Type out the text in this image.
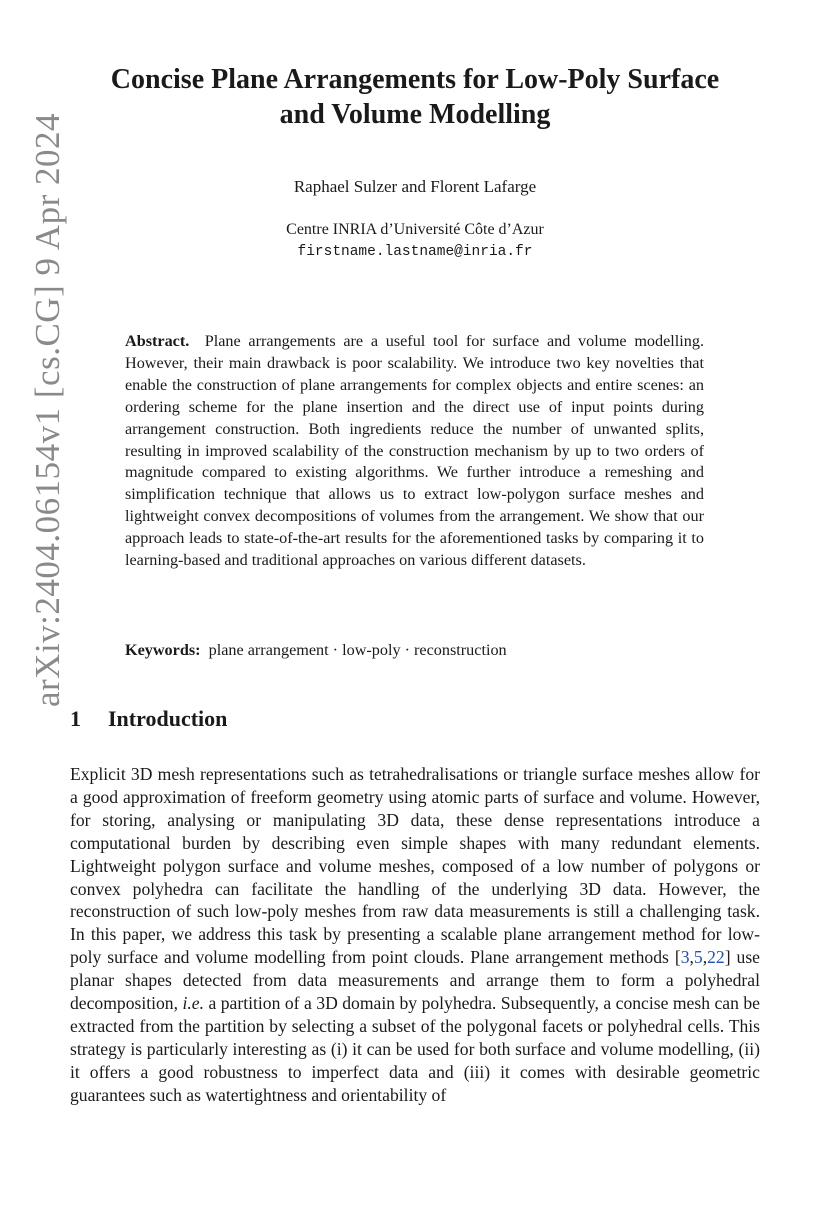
arXiv:2404.06154v1 [cs.CG] 9 Apr 2024
Concise Plane Arrangements for Low-Poly Surface and Volume Modelling
Raphael Sulzer and Florent Lafarge
Centre INRIA d’Université Côte d’Azur
firstname.lastname@inria.fr

Abstract. Plane arrangements are a useful tool for surface and volume modelling. However, their main drawback is poor scalability. We introduce two key novelties that enable the construction of plane arrangements for complex objects and entire scenes: an ordering scheme for the plane insertion and the direct use of input points during arrangement construction. Both ingredients reduce the number of unwanted splits, resulting in improved scalability of the construction mechanism by up to two orders of magnitude compared to existing algorithms. We further introduce a remeshing and simplification technique that allows us to extract low-polygon surface meshes and lightweight convex decompositions of volumes from the arrangement. We show that our approach leads to state-of-the-art results for the aforementioned tasks by comparing it to learning-based and traditional approaches on various different datasets.

Keywords: plane arrangement · low-poly · reconstruction

1 Introduction

Explicit 3D mesh representations such as tetrahedralisations or triangle surface meshes allow for a good approximation of freeform geometry using atomic parts of surface and volume. However, for storing, analysing or manipulating 3D data, these dense representations introduce a computational burden by describing even simple shapes with many redundant elements. Lightweight polygon surface and volume meshes, composed of a low number of polygons or convex polyhedra can facilitate the handling of the underlying 3D data. However, the reconstruction of such low-poly meshes from raw data measurements is still a challenging task. In this paper, we address this task by presenting a scalable plane arrangement method for low-poly surface and volume modelling from point clouds. Plane arrangement methods [3,5,22] use planar shapes detected from data measurements and arrange them to form a polyhedral decomposition, i.e. a partition of a 3D domain by polyhedra. Subsequently, a concise mesh can be extracted from the partition by selecting a subset of the polygonal facets or polyhedral cells. This strategy is particularly interesting as (i) it can be used for both surface and volume modelling, (ii) it offers a good robustness to imperfect data and (iii) it comes with desirable geometric guarantees such as watertightness and orientability of
